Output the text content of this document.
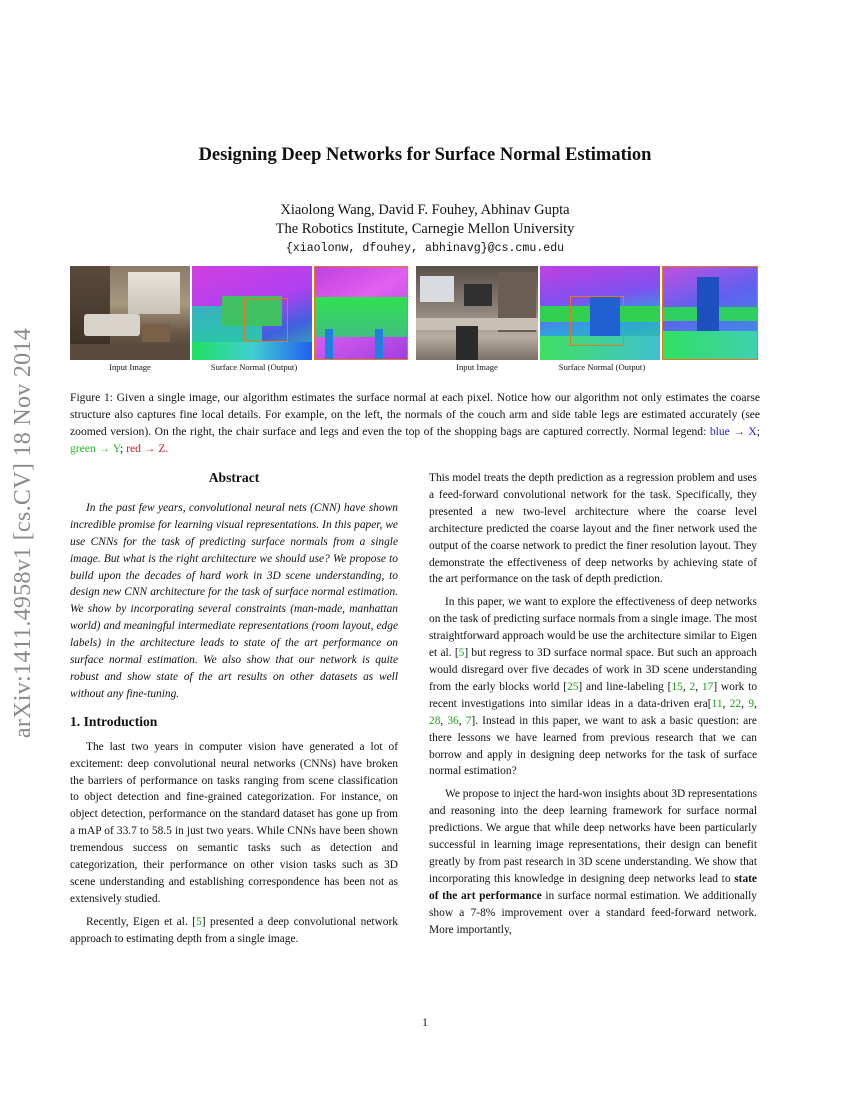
arXiv:1411.4958v1 [cs.CV] 18 Nov 2014
Designing Deep Networks for Surface Normal Estimation
Xiaolong Wang, David F. Fouhey, Abhinav Gupta
The Robotics Institute, Carnegie Mellon University
{xiaolonw, dfouhey, abhinavg}@cs.cmu.edu
Input Image	Surface Normal (Output)	Input Image	Surface Normal (Output)
Figure 1: Given a single image, our algorithm estimates the surface normal at each pixel. Notice how our algorithm not only estimates the coarse structure also captures fine local details. For example, on the left, the normals of the couch arm and side table legs are estimated accurately (see zoomed version). On the right, the chair surface and legs and even the top of the shopping bags are captured correctly. Normal legend: blue → X; green → Y; red → Z.
Abstract

In the past few years, convolutional neural nets (CNN) have shown incredible promise for learning visual representations. In this paper, we use CNNs for the task of predicting surface normals from a single image. But what is the right architecture we should use? We propose to build upon the decades of hard work in 3D scene understanding, to design new CNN architecture for the task of surface normal estimation. We show by incorporating several constraints (man-made, manhattan world) and meaningful intermediate representations (room layout, edge labels) in the architecture leads to state of the art performance on surface normal estimation. We also show that our network is quite robust and show state of the art results on other datasets as well without any fine-tuning.

1. Introduction

The last two years in computer vision have generated a lot of excitement: deep convolutional neural networks (CNNs) have broken the barriers of performance on tasks ranging from scene classification to object detection and fine-grained categorization. For instance, on object detection, performance on the standard dataset has gone up from a mAP of 33.7 to 58.5 in just two years. While CNNs have been shown tremendous success on semantic tasks such as detection and categorization, their performance on other vision tasks such as 3D scene understanding and establishing correspondence has been not as extensively studied.

Recently, Eigen et al. [5] presented a deep convolutional network approach to estimating depth from a single image.

This model treats the depth prediction as a regression problem and uses a feed-forward convolutional network for the task. Specifically, they presented a new two-level architecture where the coarse level architecture predicted the coarse layout and the finer network used the output of the coarse network to predict the finer resolution layout. They demonstrate the effectiveness of deep networks by achieving state of the art performance on the task of depth prediction.

In this paper, we want to explore the effectiveness of deep networks on the task of predicting surface normals from a single image. The most straightforward approach would be use the architecture similar to Eigen et al. [5] but regress to 3D surface normal space. But such an approach would disregard over five decades of work in 3D scene understanding from the early blocks world [25] and line-labeling [15, 2, 17] work to recent investigations into similar ideas in a data-driven era[11, 22, 9, 28, 36, 7]. Instead in this paper, we want to ask a basic question: are there lessons we have learned from previous research that we can borrow and apply in designing deep networks for the task of surface normal estimation?

We propose to inject the hard-won insights about 3D representations and reasoning into the deep learning framework for surface normal predictions. We argue that while deep networks have been particularly successful in learning image representations, their design can benefit greatly by from past research in 3D scene understanding. We show that incorporating this knowledge in designing deep networks lead to state of the art performance in surface normal estimation. We additionally show a 7-8% improvement over a standard feed-forward network. More importantly,

1
